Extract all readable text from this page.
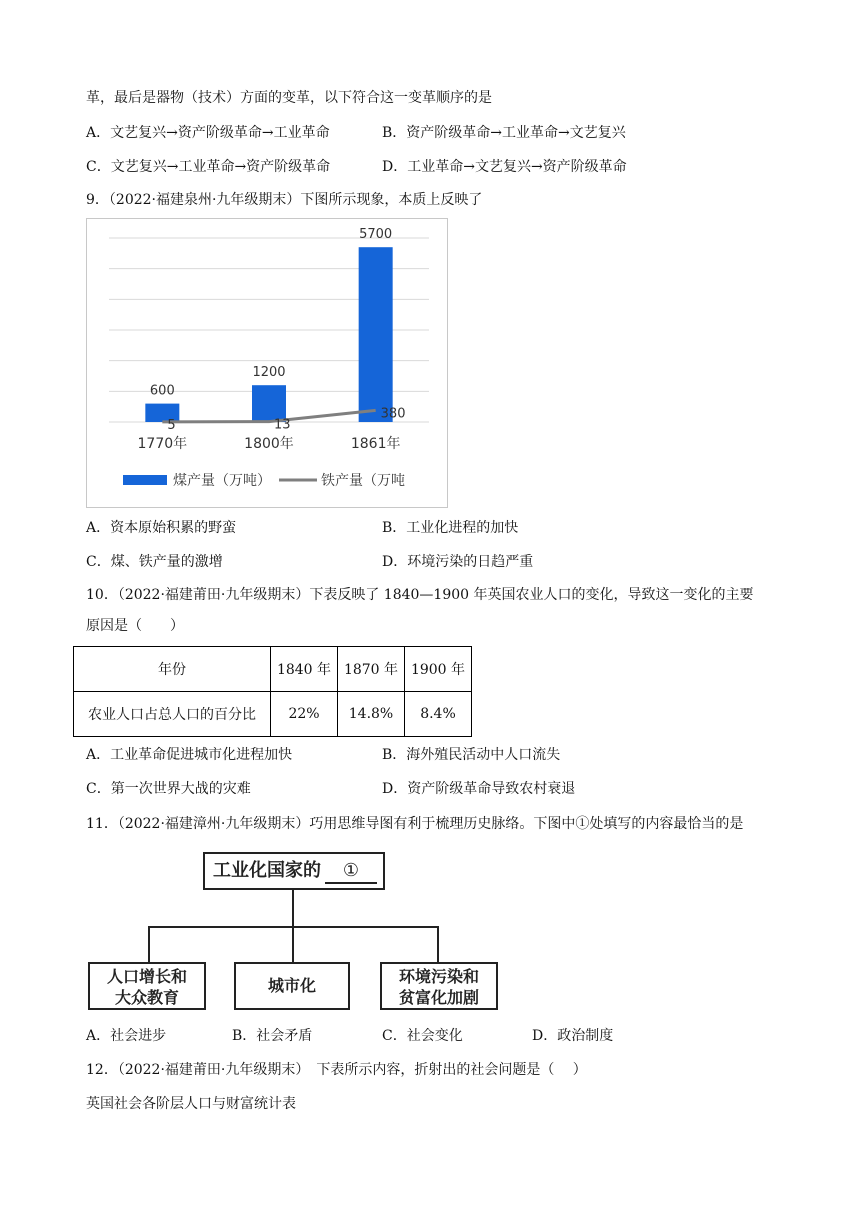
革，最后是器物（技术）方面的变革，以下符合这一变革顺序的是
A．文艺复兴→资产阶级革命→工业革命	B．资产阶级革命→工业革命→文艺复兴
C．文艺复兴→工业革命→资产阶级革命	D．工业革命→文艺复兴→资产阶级革命
9．（2022·福建泉州·九年级期末）下图所示现象，本质上反映了
600
1200
5700
5	13
380
1770年	1800年	1861年
煤产量（万吨）	铁产量（万吨
A．资本原始积累的野蛮	B．工业化进程的加快
C．煤、铁产量的激增	D．环境污染的日趋严重
10．（2022·福建莆田·九年级期末）下表反映了 1840—1900 年英国农业人口的变化，导致这一变化的主要
原因是（　　）
年份	1840 年	1870 年	1900 年
农业人口占总人口的百分比	22%	14.8%	8.4%
A．工业革命促进城市化进程加快	B．海外殖民活动中人口流失
C．第一次世界大战的灾难	D．资产阶级革命导致农村衰退
11．（2022·福建漳州·九年级期末）巧用思维导图有利于梳理历史脉络。下图中①处填写的内容最恰当的是
工业化国家的 ①
人口增长和
大众教育
城市化	环境污染和
贫富化加剧
A．社会进步	B．社会矛盾	C．社会变化	D．政治制度
12．（2022·福建莆田·九年级期末）　下表所示内容，折射出的社会问题是（　 ）
英国社会各阶层人口与财富统计表
